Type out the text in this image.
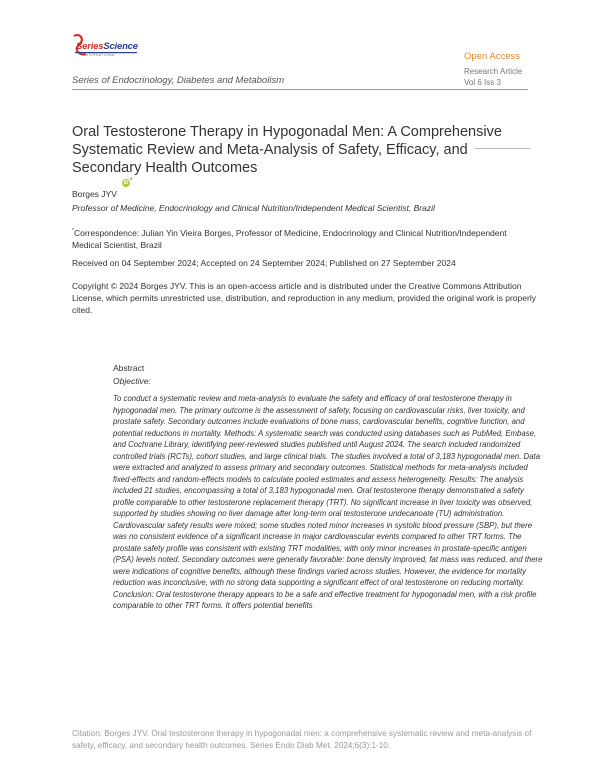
SeriesScience
INTERNATIONAL	Open Access
Research Article
Vol 6 Iss 3
Series of Endocrinology, Diabetes and Metabolism
Oral Testosterone Therapy in Hypogonadal Men: A Comprehensive Systematic Review and Meta-Analysis of Safety, Efficacy, and Secondary Health Outcomes
iD *
Borges JYV
Professor of Medicine, Endocrinology and Clinical Nutrition/Independent Medical Scientist, Brazil
*Correspondence: Julian Yin Vieira Borges, Professor of Medicine, Endocrinology and Clinical Nutrition/Independent Medical Scientist, Brazil
Received on 04 September 2024; Accepted on 24 September 2024; Published on 27 September 2024
Copyright © 2024 Borges JYV. This is an open-access article and is distributed under the Creative Commons Attribution License, which permits unrestricted use, distribution, and reproduction in any medium, provided the original work is properly cited.
Abstract
Objective:
To conduct a systematic review and meta-analysis to evaluate the safety and efficacy of oral testosterone therapy in hypogonadal men. The primary outcome is the assessment of safety, focusing on cardiovascular risks, liver toxicity, and prostate safety. Secondary outcomes include evaluations of bone mass, cardiovascular benefits, cognitive function, and potential reductions in mortality. Methods: A systematic search was conducted using databases such as PubMed, Embase, and Cochrane Library, identifying peer-reviewed studies published until August 2024. The search included randomized controlled trials (RCTs), cohort studies, and large clinical trials. The studies involved a total of 3,183 hypogonadal men. Data were extracted and analyzed to assess primary and secondary outcomes. Statistical methods for meta-analysis included fixed-effects and random-effects models to calculate pooled estimates and assess heterogeneity. Results: The analysis included 21 studies, encompassing a total of 3,183 hypogonadal men. Oral testosterone therapy demonstrated a safety profile comparable to other testosterone replacement therapy (TRT). No significant increase in liver toxicity was observed, supported by studies showing no liver damage after long-term oral testosterone undecanoate (TU) administration. Cardiovascular safety results were mixed; some studies noted minor increases in systolic blood pressure (SBP), but there was no consistent evidence of a significant increase in major cardiovascular events compared to other TRT forms. The prostate safety profile was consistent with existing TRT modalities, with only minor increases in prostate-specific antigen (PSA) levels noted. Secondary outcomes were generally favorable: bone density improved, fat mass was reduced, and there were indications of cognitive benefits, although these findings varied across studies. However, the evidence for mortality reduction was inconclusive, with no strong data supporting a significant effect of oral testosterone on reducing mortality. Conclusion: Oral testosterone therapy appears to be a safe and effective treatment for hypogonadal men, with a risk profile comparable to other TRT forms. It offers potential benefits
Citation: Borges JYV. Oral testosterone therapy in hypogonadal men: a comprehensive systematic review and meta-analysis of safety, efficacy, and secondary health outcomes. Series Endo Diab Met. 2024;6(3):1-10.
